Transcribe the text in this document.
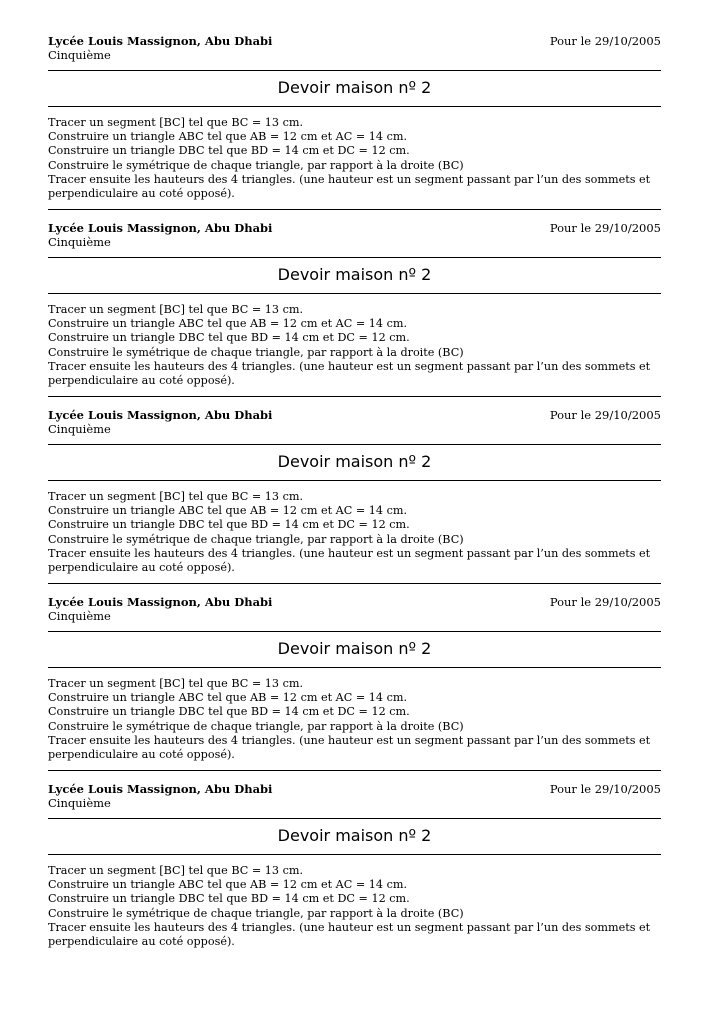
Lycée Louis Massignon, Abu Dhabi
Cinquième
Pour le 29/10/2005
Devoir maison nº 2
Tracer un segment [BC] tel que BC = 13 cm.
Construire un triangle ABC tel que AB = 12 cm et AC = 14 cm.
Construire un triangle DBC tel que BD = 14 cm et DC = 12 cm.
Construire le symétrique de chaque triangle, par rapport à la droite (BC)
Tracer ensuite les hauteurs des 4 triangles. (une hauteur est un segment passant par l’un des sommets et perpendiculaire au coté opposé).
Lycée Louis Massignon, Abu Dhabi
Cinquième
Pour le 29/10/2005
Devoir maison nº 2
Tracer un segment [BC] tel que BC = 13 cm.
Construire un triangle ABC tel que AB = 12 cm et AC = 14 cm.
Construire un triangle DBC tel que BD = 14 cm et DC = 12 cm.
Construire le symétrique de chaque triangle, par rapport à la droite (BC)
Tracer ensuite les hauteurs des 4 triangles. (une hauteur est un segment passant par l’un des sommets et perpendiculaire au coté opposé).
Lycée Louis Massignon, Abu Dhabi
Cinquième
Pour le 29/10/2005
Devoir maison nº 2
Tracer un segment [BC] tel que BC = 13 cm.
Construire un triangle ABC tel que AB = 12 cm et AC = 14 cm.
Construire un triangle DBC tel que BD = 14 cm et DC = 12 cm.
Construire le symétrique de chaque triangle, par rapport à la droite (BC)
Tracer ensuite les hauteurs des 4 triangles. (une hauteur est un segment passant par l’un des sommets et perpendiculaire au coté opposé).
Lycée Louis Massignon, Abu Dhabi
Cinquième
Pour le 29/10/2005
Devoir maison nº 2
Tracer un segment [BC] tel que BC = 13 cm.
Construire un triangle ABC tel que AB = 12 cm et AC = 14 cm.
Construire un triangle DBC tel que BD = 14 cm et DC = 12 cm.
Construire le symétrique de chaque triangle, par rapport à la droite (BC)
Tracer ensuite les hauteurs des 4 triangles. (une hauteur est un segment passant par l’un des sommets et perpendiculaire au coté opposé).
Lycée Louis Massignon, Abu Dhabi
Cinquième
Pour le 29/10/2005
Devoir maison nº 2
Tracer un segment [BC] tel que BC = 13 cm.
Construire un triangle ABC tel que AB = 12 cm et AC = 14 cm.
Construire un triangle DBC tel que BD = 14 cm et DC = 12 cm.
Construire le symétrique de chaque triangle, par rapport à la droite (BC)
Tracer ensuite les hauteurs des 4 triangles. (une hauteur est un segment passant par l’un des sommets et perpendiculaire au coté opposé).
